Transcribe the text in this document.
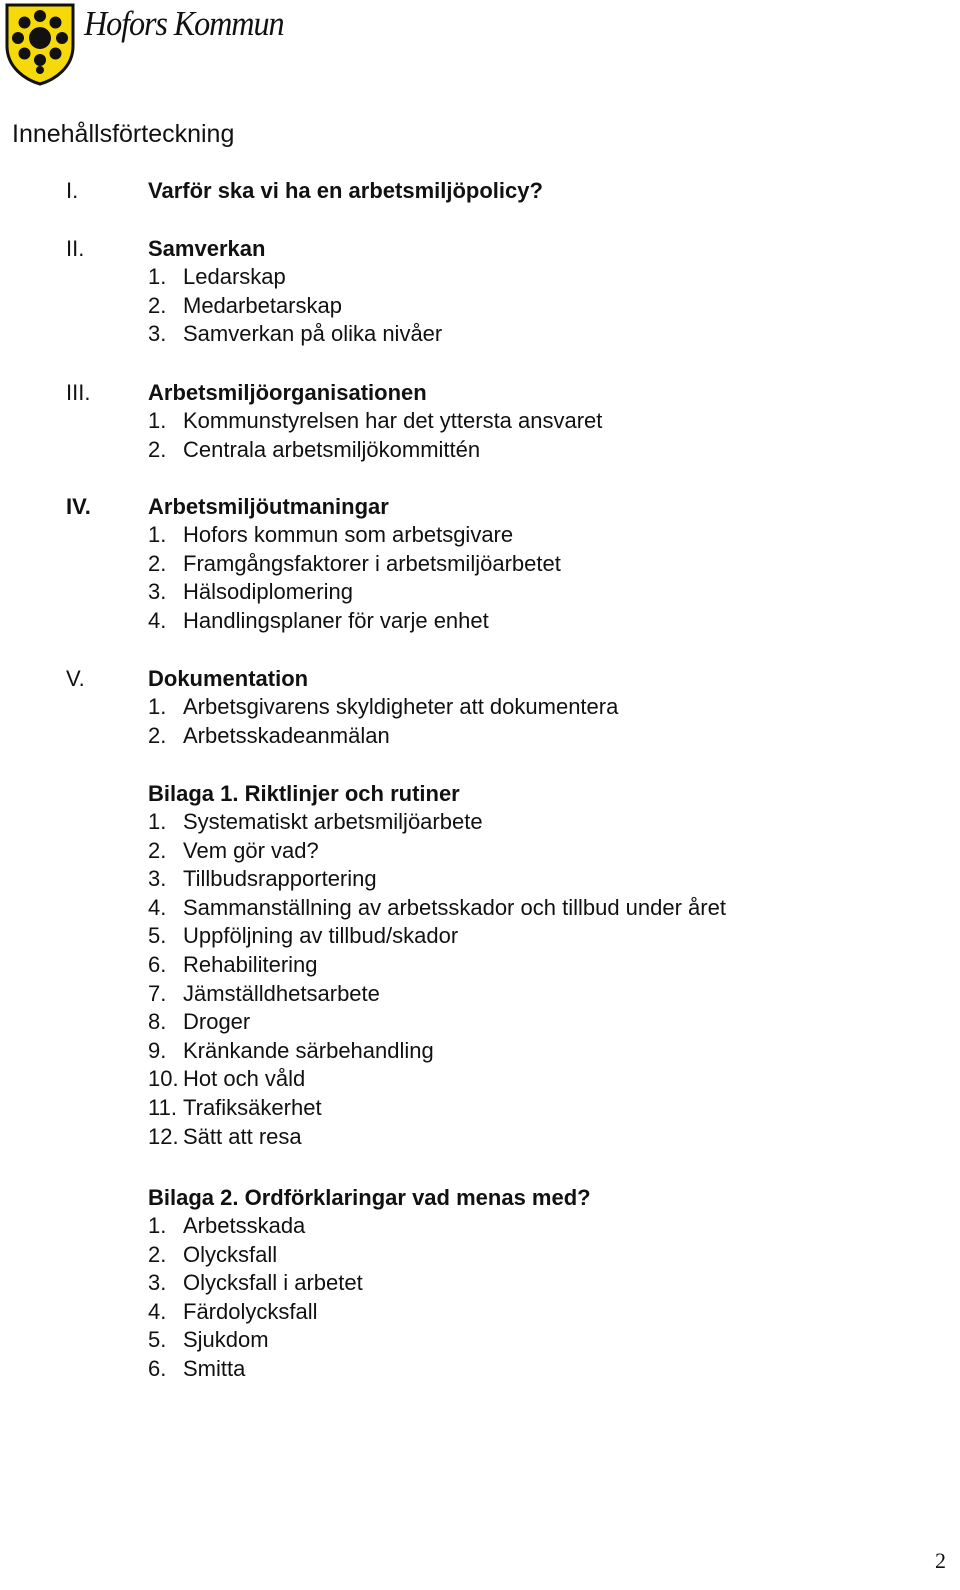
Hofors Kommun
Innehållsförteckning
I.	Varför ska vi ha en arbetsmiljöpolicy?
II.	Samverkan
1. Ledarskap
2. Medarbetarskap
3. Samverkan på olika nivåer
III.	Arbetsmiljöorganisationen
1. Kommunstyrelsen har det yttersta ansvaret
2. Centrala arbetsmiljökommittén
IV.	Arbetsmiljöutmaningar
1. Hofors kommun som arbetsgivare
2. Framgångsfaktorer i arbetsmiljöarbetet
3. Hälsodiplomering
4. Handlingsplaner för varje enhet
V.	Dokumentation
1. Arbetsgivarens skyldigheter att dokumentera
2. Arbetsskadeanmälan
Bilaga 1. Riktlinjer och rutiner
1. Systematiskt arbetsmiljöarbete
2. Vem gör vad?
3. Tillbudsrapportering
4. Sammanställning av arbetsskador och tillbud under året
5. Uppföljning av tillbud/skador
6. Rehabilitering
7. Jämställdhetsarbete
8. Droger
9. Kränkande särbehandling
10. Hot och våld
11. Trafiksäkerhet
12. Sätt att resa
Bilaga 2. Ordförklaringar vad menas med?
1. Arbetsskada
2. Olycksfall
3. Olycksfall i arbetet
4. Färdolycksfall
5. Sjukdom
6. Smitta
2
